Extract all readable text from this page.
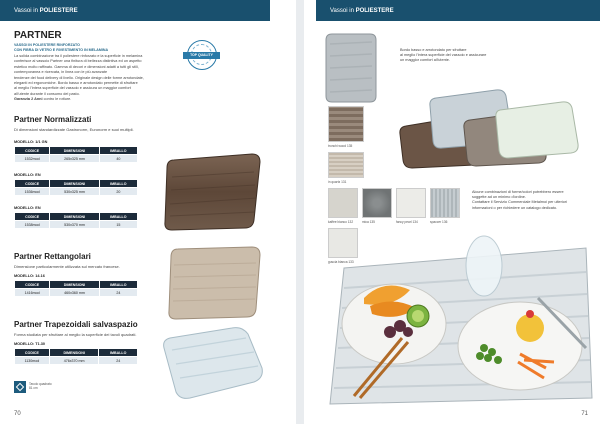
Vassoi in POLIESTERE
PARTNER
VASSOI IN POLIESTERE RINFORZATO
CON FIBRA DI VETRO E RIVESTIMENTO IN MELAMINA
La solida combinazione tra il poliestere rinforzato e la superficie in melamina
conferisce al vassoio Partner una finitura di bellezza distintiva ed un aspetto
estetico molto raffinato. Gamma di decori e dimensioni adatti a tutti gli stili,
contemporanea e ricercata, in linea con le più avanzate
tendenze del food delivery di livello. Originale design delle forme arrotondate,
eleganti ed ergonomiche. Bordo basso e arrotondato permette di sfruttare
al meglio l'intera superficie del vassoio e assicura un maggior comfort
all'utente durante il consumo del pasto.
Garanzia 2 Anni contro le rotture.
TOP QUALITY
Partner Normalizzati
Di dimensioni standardizzate Gastronorm, Euronorm e suoi multipli.
MODELLO: 1/1 GN
CODICE	DIMENSIONI	IMBALLO
1532mod	265x325 mm	40
MODELLO: EN
CODICE	DIMENSIONI	IMBALLO
1536mod	530x325 mm	20
MODELLO: EN
CODICE	DIMENSIONI	IMBALLO
1538mod	530x370 mm	15
Partner Rettangolari
Dimensione particolarmente utilizzata sul mercato francese.
MODELLO: 14.16
CODICE	DIMENSIONI	IMBALLO
1416mod	460x360 mm	24
Partner Trapezoidali salvaspazio
Forma studiata per sfruttare al meglio la superficie dei tavoli quadrati.
MODELLO: T1.30
CODICE	DIMENSIONI	IMBALLO
1130mod	476x370 mm	24
Tavolo quadrato
81 cm
70
Vassoi in POLIESTERE
Bordo basso e arrotondato per sfruttare
al meglio l'intera superficie del vassoio e assicurare
un maggior comfort all'utente.
tronchi wood 135
in quartz 131
kaffee bianco 132	mica 135	fancy pearl 134	spaccer 136
guscia bianca 133
Alcune combinazioni di forme/colori potrebbero essere
soggette ad un minimo d'ordine.
Contattare il Servizio Commerciale Metalmoi per ulteriori
informazioni o per richiedere un catalogo dedicato.
71
